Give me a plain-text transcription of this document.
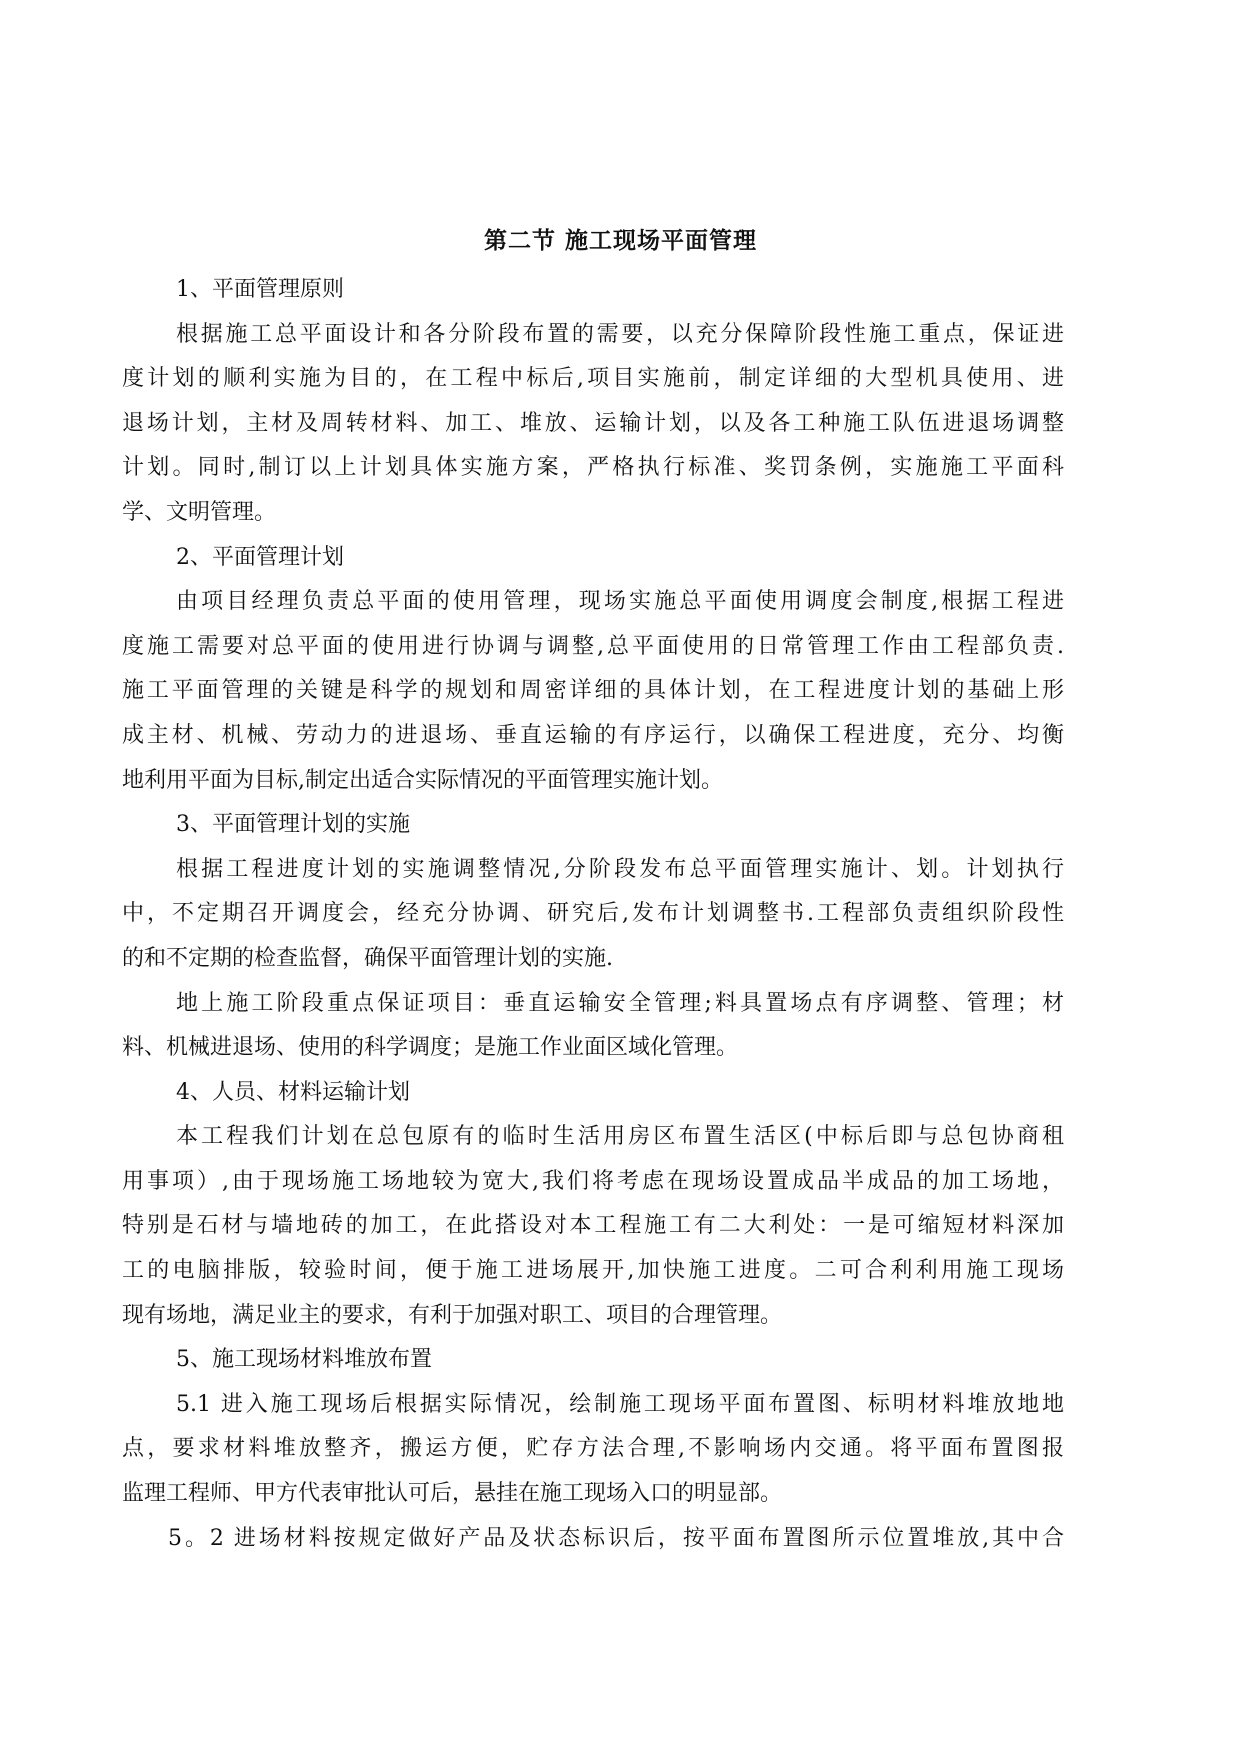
第二节 施工现场平面管理
1、平面管理原则
根据施工总平面设计和各分阶段布置的需要，以充分保障阶段性施工重点，保证进
度计划的顺利实施为目的，在工程中标后,项目实施前，制定详细的大型机具使用、进
退场计划，主材及周转材料、加工、堆放、运输计划，以及各工种施工队伍进退场调整
计划。同时,制订以上计划具体实施方案，严格执行标准、奖罚条例，实施施工平面科
学、文明管理。
2、平面管理计划
由项目经理负责总平面的使用管理，现场实施总平面使用调度会制度,根据工程进
度施工需要对总平面的使用进行协调与调整,总平面使用的日常管理工作由工程部负责.
施工平面管理的关键是科学的规划和周密详细的具体计划，在工程进度计划的基础上形
成主材、机械、劳动力的进退场、垂直运输的有序运行，以确保工程进度，充分、均衡
地利用平面为目标,制定出适合实际情况的平面管理实施计划。
3、平面管理计划的实施
根据工程进度计划的实施调整情况,分阶段发布总平面管理实施计、划。计划执行
中，不定期召开调度会，经充分协调、研究后,发布计划调整书.工程部负责组织阶段性
的和不定期的检查监督，确保平面管理计划的实施.
地上施工阶段重点保证项目：垂直运输安全管理;料具置场点有序调整、管理；材
料、机械进退场、使用的科学调度；是施工作业面区域化管理。
4、人员、材料运输计划
本工程我们计划在总包原有的临时生活用房区布置生活区(中标后即与总包协商租
用事项）,由于现场施工场地较为宽大,我们将考虑在现场设置成品半成品的加工场地，
特别是石材与墙地砖的加工，在此搭设对本工程施工有二大利处：一是可缩短材料深加
工的电脑排版，较验时间，便于施工进场展开,加快施工进度。二可合利利用施工现场
现有场地，满足业主的要求，有利于加强对职工、项目的合理管理。
5、施工现场材料堆放布置
5.1 进入施工现场后根据实际情况，绘制施工现场平面布置图、标明材料堆放地地
点，要求材料堆放整齐，搬运方便，贮存方法合理,不影响场内交通。将平面布置图报
监理工程师、甲方代表审批认可后，悬挂在施工现场入口的明显部。
5。2 进场材料按规定做好产品及状态标识后，按平面布置图所示位置堆放,其中合
